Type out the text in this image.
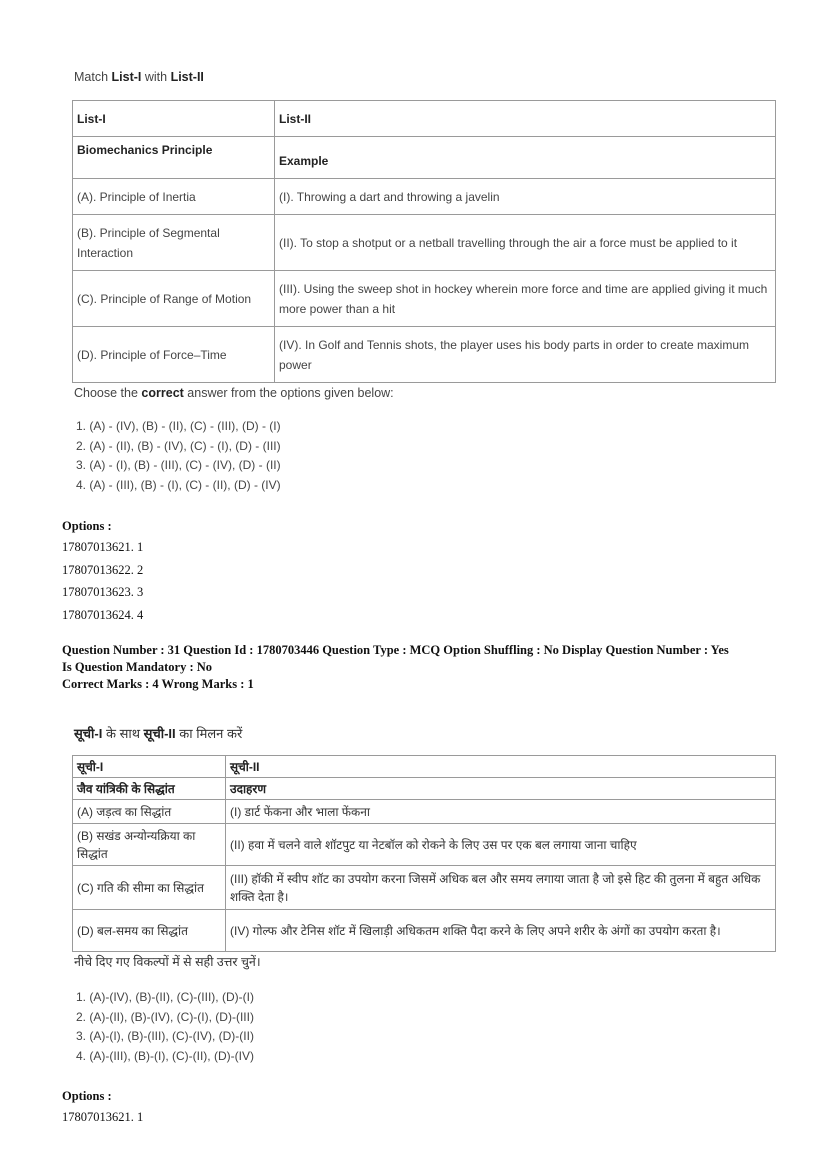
Match List-I with List-II
List-I	List-II
Biomechanics Principle	Example
(A). Principle of Inertia	(I). Throwing a dart and throwing a javelin
(B). Principle of Segmental Interaction	(II). To stop a shotput or a netball travelling through the air a force must be applied to it
(C). Principle of Range of Motion	(III). Using the sweep shot in hockey wherein more force and time are applied giving it much more power than a hit
(D). Principle of Force–Time	(IV). In Golf and Tennis shots, the player uses his body parts in order to create maximum power
Choose the correct answer from the options given below:
1. (A) - (IV), (B) - (II), (C) - (III), (D) - (I)
2. (A) - (II), (B) - (IV), (C) - (I), (D) - (III)
3. (A) - (I), (B) - (III), (C) - (IV), (D) - (II)
4. (A) - (III), (B) - (I), (C) - (II), (D) - (IV)
Options :
17807013621. 1
17807013622. 2
17807013623. 3
17807013624. 4
Question Number : 31 Question Id : 1780703446 Question Type : MCQ Option Shuffling : No Display Question Number : Yes
Is Question Mandatory : No
Correct Marks : 4 Wrong Marks : 1
सूची-I के साथ सूची-II का मिलन करें
सूची-I	सूची-II
जैव यांत्रिकी के सिद्धांत	उदाहरण
(A) जड़त्व का सिद्धांत	(I) डार्ट फेंकना और भाला फेंकना
(B) सखंड अन्योन्यक्रिया का सिद्धांत	(II) हवा में चलने वाले शॉटपुट या नेटबॉल को रोकने के लिए उस पर एक बल लगाया जाना चाहिए
(C) गति की सीमा का सिद्धांत	(III) हॉकी में स्वीप शॉट का उपयोग करना जिसमें अधिक बल और समय लगाया जाता है जो इसे हिट की तुलना में बहुत अधिक शक्ति देता है।
(D) बल-समय का सिद्धांत	(IV) गोल्फ और टेनिस शॉट में खिलाड़ी अधिकतम शक्ति पैदा करने के लिए अपने शरीर के अंगों का उपयोग करता है।
नीचे दिए गए विकल्पों में से सही उत्तर चुनें।
1. (A)-(IV), (B)-(II), (C)-(III), (D)-(I)
2. (A)-(II), (B)-(IV), (C)-(I), (D)-(III)
3. (A)-(I), (B)-(III), (C)-(IV), (D)-(II)
4. (A)-(III), (B)-(I), (C)-(II), (D)-(IV)
Options :
17807013621. 1
